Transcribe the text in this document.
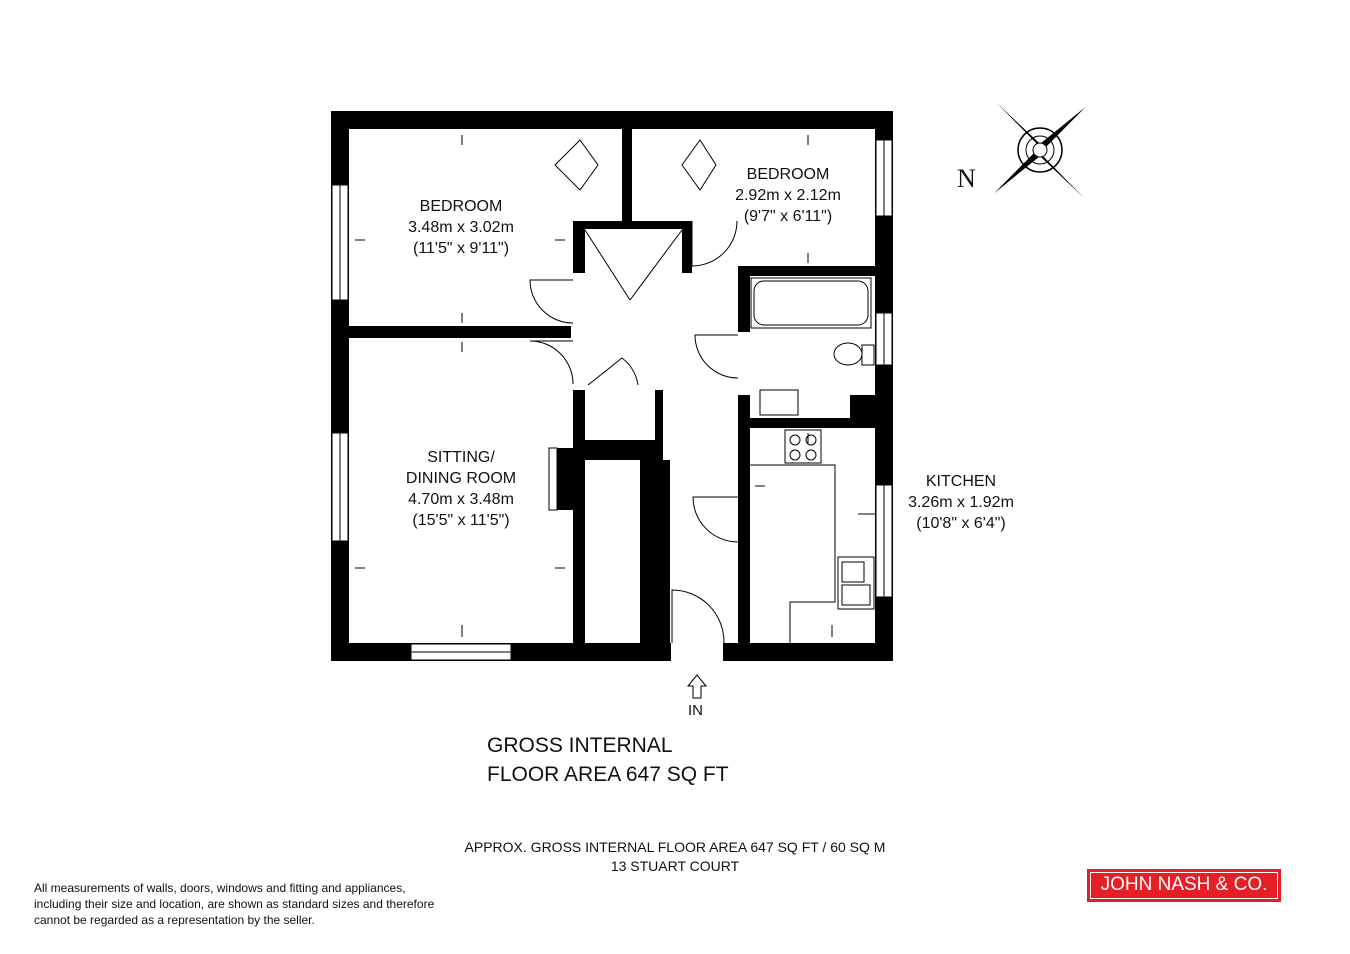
N
BEDROOM
3.48m x 3.02m
(11'5" x 9'11")
BEDROOM
2.92m x 2.12m
(9'7" x 6'11")
SITTING/
DINING ROOM
4.70m x 3.48m
(15'5" x 11'5")
KITCHEN
3.26m x 1.92m
(10'8" x 6'4")
IN
GROSS INTERNAL
FLOOR AREA 647 SQ FT
APPROX. GROSS INTERNAL FLOOR AREA 647 SQ FT / 60 SQ M
13 STUART COURT
All measurements of walls, doors, windows and fitting and appliances,
including their size and location, are shown as standard sizes and therefore
cannot be regarded as a representation by the seller.
JOHN NASH & CO.
